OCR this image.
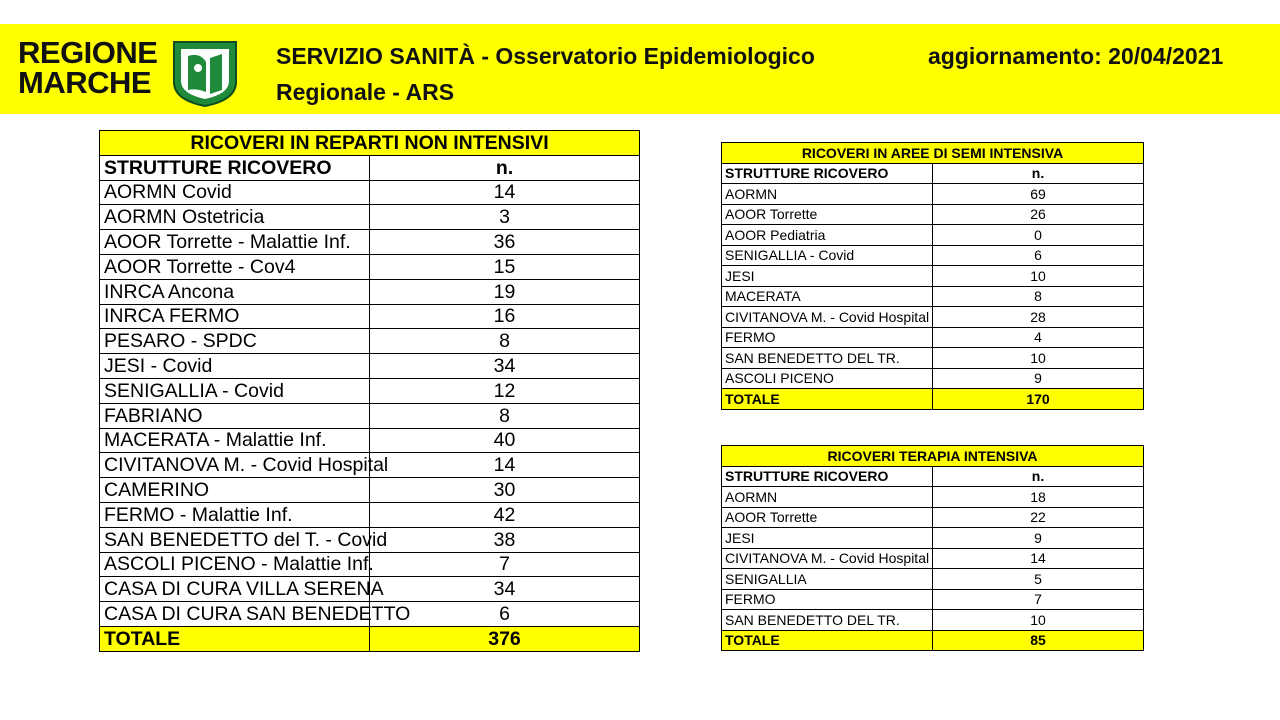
REGIONE
MARCHE
SERVIZIO SANITÀ - Osservatorio Epidemiologico
Regionale - ARS
aggiornamento: 20/04/2021
RICOVERI IN REPARTI NON INTENSIVI	
STRUTTURE RICOVERO	n.
AORMN Covid	14
AORMN Ostetricia	3
AOOR Torrette - Malattie Inf.	36
AOOR Torrette - Cov4	15
INRCA Ancona	19
INRCA FERMO	16
PESARO - SPDC	8
JESI - Covid	34
SENIGALLIA - Covid	12
FABRIANO	8
MACERATA - Malattie Inf.	40
CIVITANOVA M. - Covid Hospital	14
CAMERINO	30
FERMO - Malattie Inf.	42
SAN BENEDETTO del T. - Covid	38
ASCOLI PICENO - Malattie Inf.	7
CASA DI CURA VILLA SERENA	34
CASA DI CURA SAN BENEDETTO	6
TOTALE	376
RICOVERI IN AREE DI SEMI INTENSIVA	
STRUTTURE RICOVERO	n.
AORMN	69
AOOR Torrette	26
AOOR Pediatria	0
SENIGALLIA - Covid	6
JESI	10
MACERATA	8
CIVITANOVA M. - Covid Hospital	28
FERMO	4
SAN BENEDETTO DEL TR.	10
ASCOLI PICENO	9
TOTALE	170
RICOVERI TERAPIA INTENSIVA	
STRUTTURE RICOVERO	n.
AORMN	18
AOOR Torrette	22
JESI	9
CIVITANOVA M. - Covid Hospital	14
SENIGALLIA	5
FERMO	7
SAN BENEDETTO DEL TR.	10
TOTALE	85
